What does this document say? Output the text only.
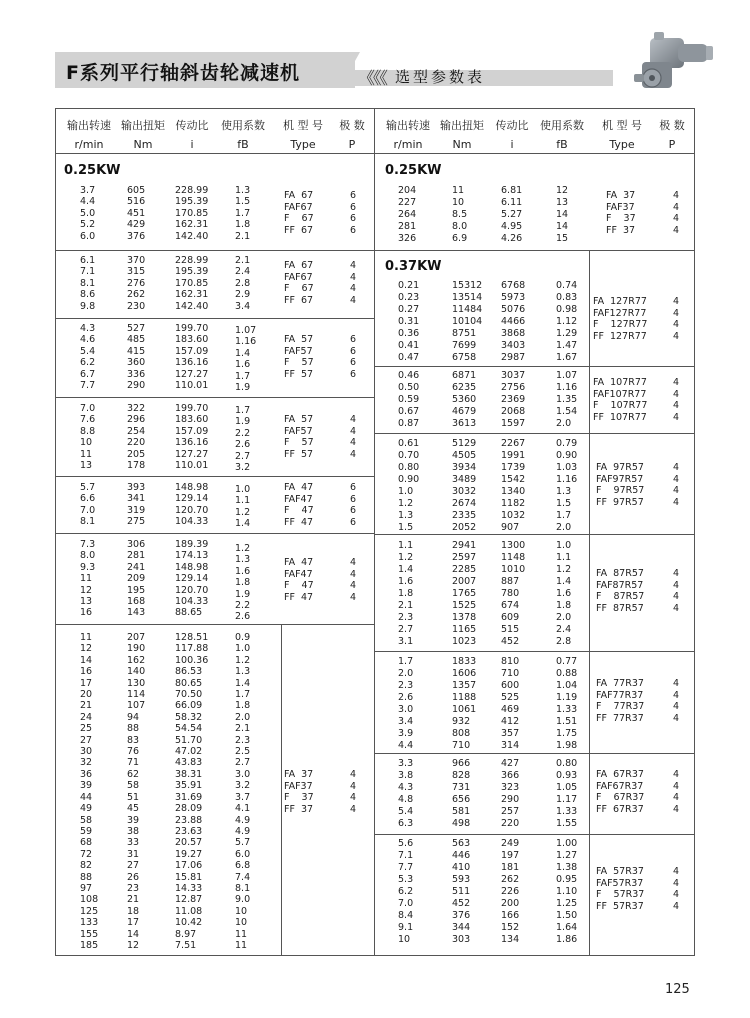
F系列平行轴斜齿轮减速机	《《《 选型参数表
输出转速
r/min
输出扭矩
Nm
传动比
i
使用系数
fB
机 型 号
Type
极 数
P
输出转速
r/min
输出扭矩
Nm
传动比
i
使用系数
fB
机 型 号
Type
极 数
P
0.25KW	0.25KW
0.37KW
3.7
4.4
5.0
5.2
6.0
605
516
451
429
376
228.99
195.39
170.85
162.31
142.40
1.3
1.5
1.7
1.8
2.1
FA  67
FAF67
F    67
FF  67
6
6
6
6
6.1
7.1
8.1
8.6
9.8
370
315
276
262
230
228.99
195.39
170.85
162.31
142.40
2.1
2.4
2.8
2.9
3.4
FA  67
FAF67
F    67
FF  67
4
4
4
4
4.3
4.6
5.4
6.2
6.7
7.7
527
485
415
360
336
290
199.70
183.60
157.09
136.16
127.27
110.01
1.07
1.16
1.4
1.6
1.7
1.9
FA  57
FAF57
F    57
FF  57
6
6
6
6
7.0
7.6
8.8
10
11
13
322
296
254
220
205
178
199.70
183.60
157.09
136.16
127.27
110.01
1.7
1.9
2.2
2.6
2.7
3.2
FA  57
FAF57
F    57
FF  57
4
4
4
4
5.7
6.6
7.0
8.1
393
341
319
275
148.98
129.14
120.70
104.33
1.0
1.1
1.2
1.4
FA  47
FAF47
F    47
FF  47
6
6
6
6
7.3
8.0
9.3
11
12
13
16
306
281
241
209
195
168
143
189.39
174.13
148.98
129.14
120.70
104.33
88.65
1.2
1.3
1.6
1.8
1.9
2.2
2.6
FA  47
FAF47
F    47
FF  47
4
4
4
4
11
12
14
16
17
20
21
24
25
27
30
32
36
39
44
49
58
59
68
72
82
88
97
108
125
133
155
185
207
190
162
140
130
114
107
94
88
83
76
71
62
58
51
45
39
38
33
31
27
26
23
21
18
17
14
12
128.51
117.88
100.36
86.53
80.65
70.50
66.09
58.32
54.54
51.70
47.02
43.83
38.31
35.91
31.69
28.09
23.88
23.63
20.57
19.27
17.06
15.81
14.33
12.87
11.08
10.42
8.97
7.51
0.9
1.0
1.2
1.3
1.4
1.7
1.8
2.0
2.1
2.3
2.5
2.7
3.0
3.2
3.7
4.1
4.9
4.9
5.7
6.0
6.8
7.4
8.1
9.0
10
10
11
11
FA  37
FAF37
F    37
FF  37
4
4
4
4
204
227
264
281
326
11
10
8.5
8.0
6.9
6.81
6.11
5.27
4.95
4.26
12
13
14
14
15
FA  37
FAF37
F    37
FF  37
4
4
4
4
0.21
0.23
0.27
0.31
0.36
0.41
0.47
15312
13514
11484
10104
8751
7699
6758
6768
5973
5076
4466
3868
3403
2987
0.74
0.83
0.98
1.12
1.29
1.47
1.67
FA  127R77
FAF127R77
F    127R77
FF  127R77
4
4
4
4
0.46
0.50
0.59
0.67
0.87
6871
6235
5360
4679
3613
3037
2756
2369
2068
1597
1.07
1.16
1.35
1.54
2.0
FA  107R77
FAF107R77
F    107R77
FF  107R77
4
4
4
4
0.61
0.70
0.80
0.90
1.0
1.2
1.3
1.5
5129
4505
3934
3489
3032
2674
2335
2052
2267
1991
1739
1542
1340
1182
1032
907
0.79
0.90
1.03
1.16
1.3
1.5
1.7
2.0
FA  97R57
FAF97R57
F    97R57
FF  97R57
4
4
4
4
1.1
1.2
1.4
1.6
1.8
2.1
2.3
2.7
3.1
2941
2597
2285
2007
1765
1525
1378
1165
1023
1300
1148
1010
887
780
674
609
515
452
1.0
1.1
1.2
1.4
1.6
1.8
2.0
2.4
2.8
FA  87R57
FAF87R57
F    87R57
FF  87R57
4
4
4
4
1.7
2.0
2.3
2.6
3.0
3.4
3.9
4.4
1833
1606
1357
1188
1061
932
808
710
810
710
600
525
469
412
357
314
0.77
0.88
1.04
1.19
1.33
1.51
1.75
1.98
FA  77R37
FAF77R37
F    77R37
FF  77R37
4
4
4
4
3.3
3.8
4.3
4.8
5.4
6.3
966
828
731
656
581
498
427
366
323
290
257
220
0.80
0.93
1.05
1.17
1.33
1.55
FA  67R37
FAF67R37
F    67R37
FF  67R37
4
4
4
4
5.6
7.1
7.7
5.3
6.2
7.0
8.4
9.1
10
563
446
410
593
511
452
376
344
303
249
197
181
262
226
200
166
152
134
1.00
1.27
1.38
0.95
1.10
1.25
1.50
1.64
1.86
FA  57R37
FAF57R37
F    57R37
FF  57R37
4
4
4
4
125
